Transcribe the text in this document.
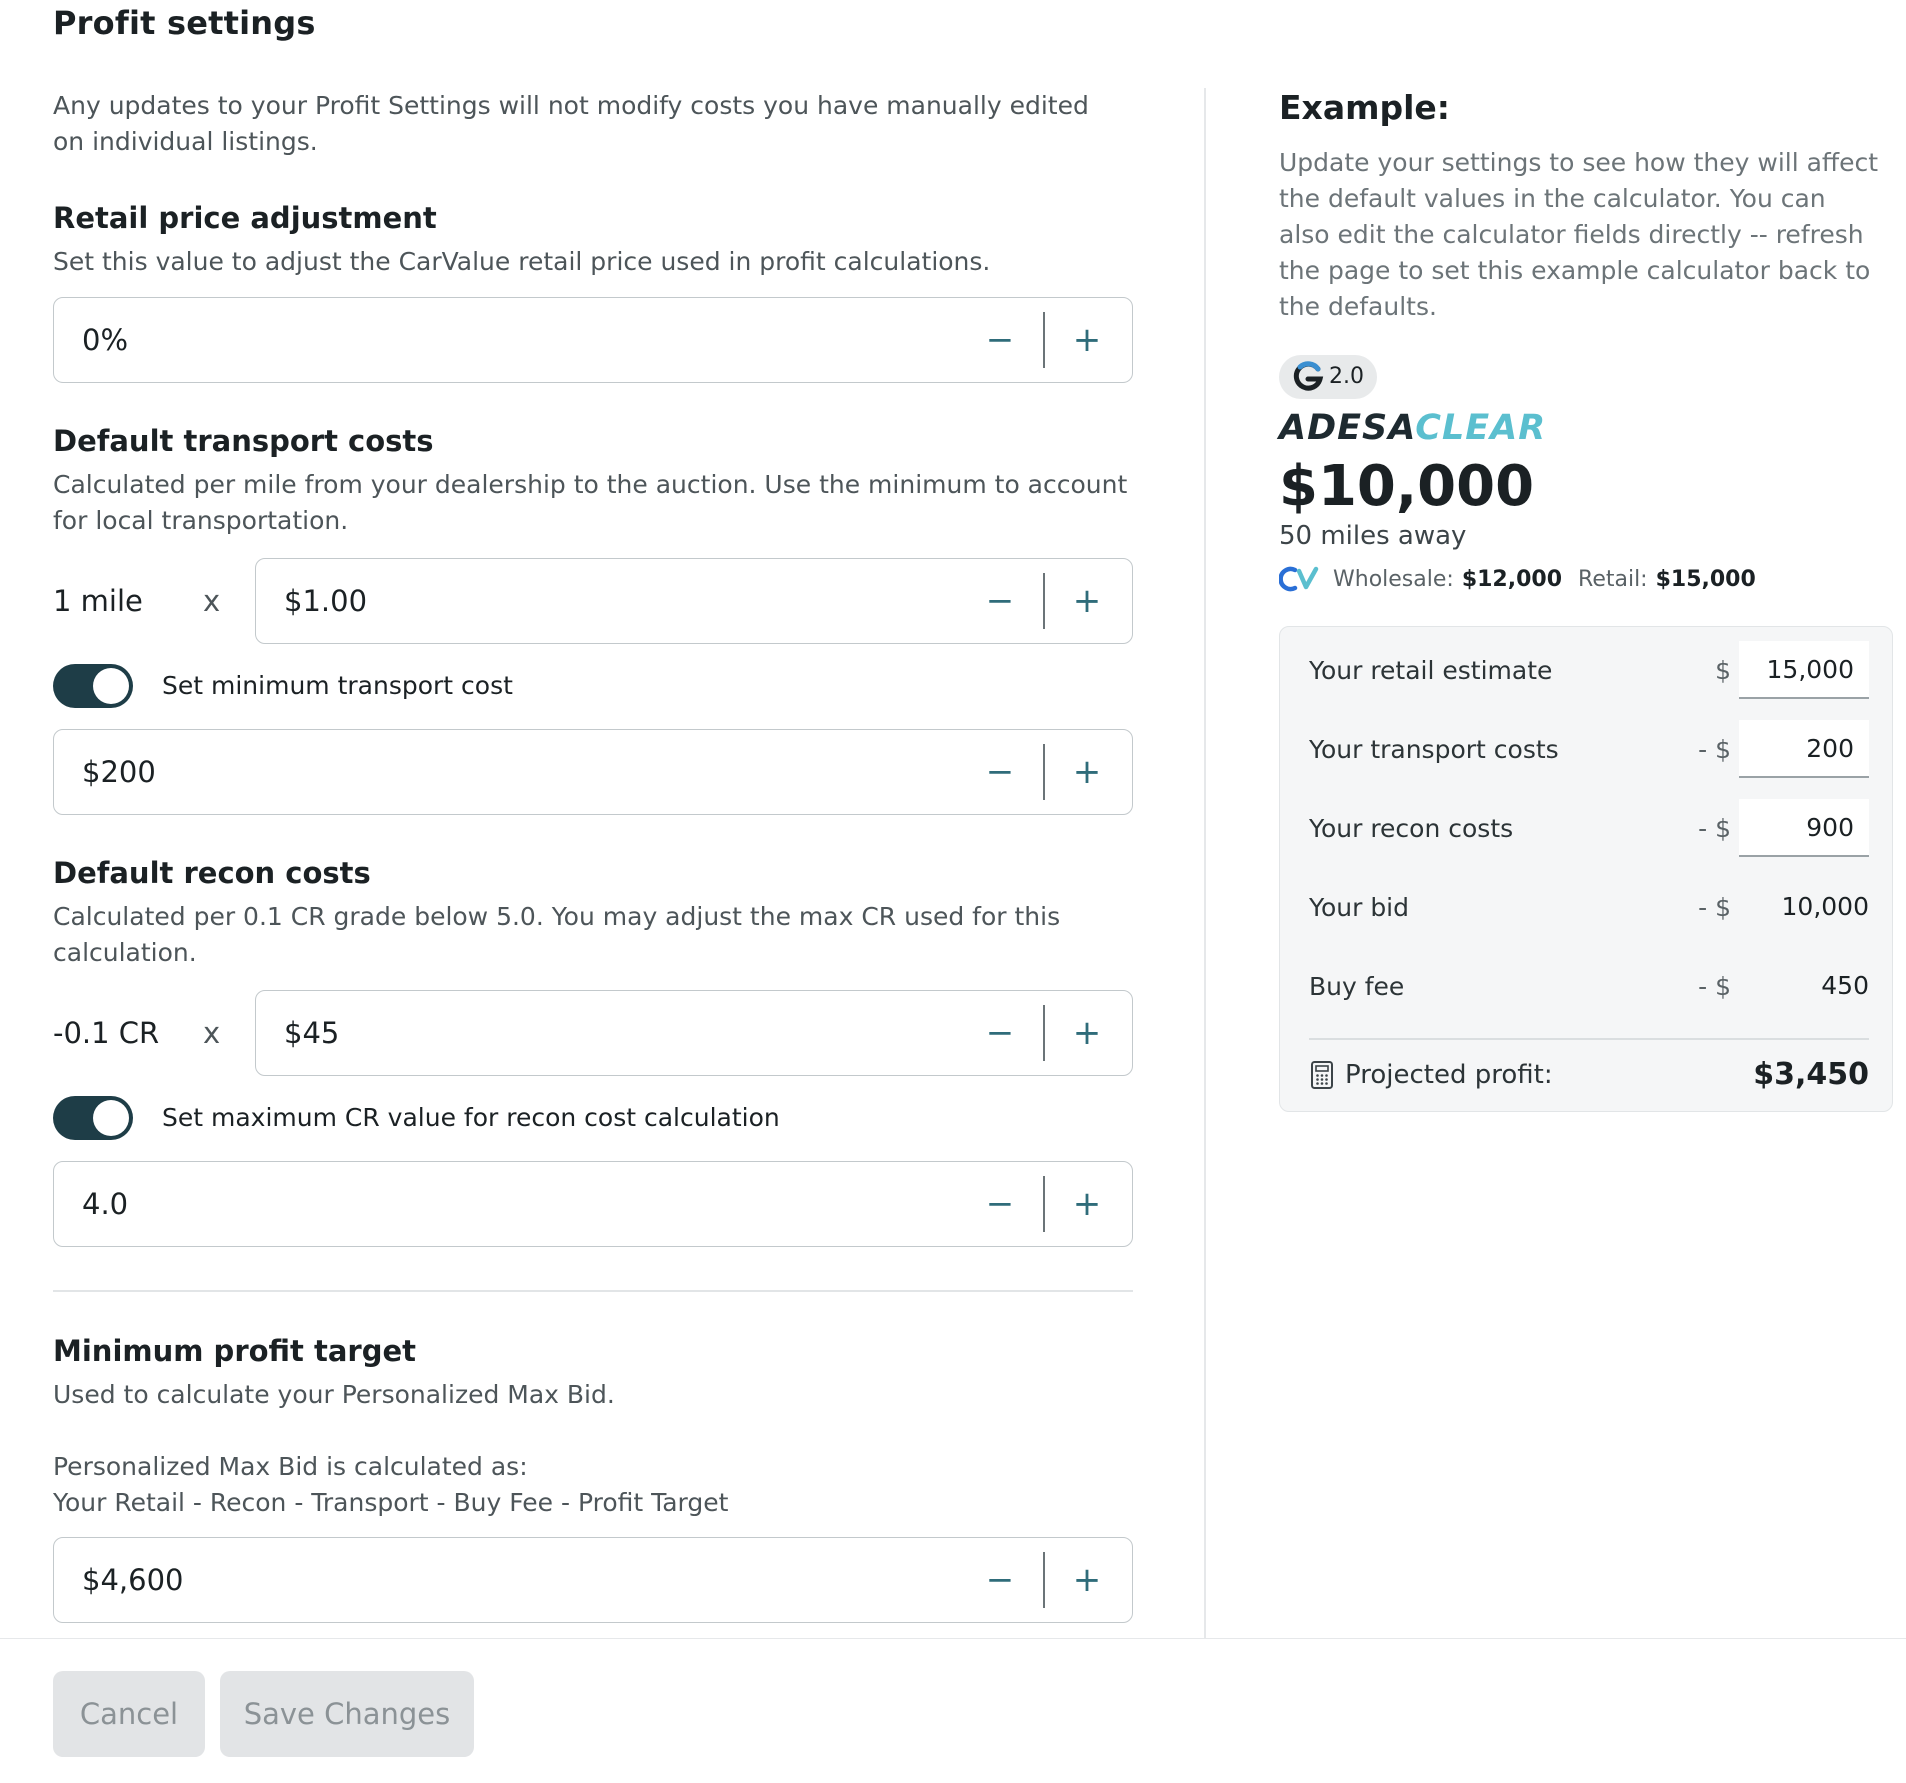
Profit settings
Any updates to your Profit Settings will not modify costs you have manually edited on individual listings.
Retail price adjustment
Set this value to adjust the CarValue retail price used in profit calculations.
0%	−	+
Default transport costs
Calculated per mile from your dealership to the auction. Use the minimum to account for local transportation.
1 mile x $1.00	−	+
Set minimum transport cost
$200	−	+
Default recon costs
Calculated per 0.1 CR grade below 5.0. You may adjust the max CR used for this calculation.
-0.1 CR x $45	−	+
Set maximum CR value for recon cost calculation
4.0	−	+
Minimum profit target
Used to calculate your Personalized Max Bid.
Personalized Max Bid is calculated as:
Your Retail - Recon - Transport - Buy Fee - Profit Target
$4,600	−	+
Example:
Update your settings to see how they will affect the default values in the calculator. You can also edit the calculator fields directly -- refresh the page to set this example calculator back to the defaults.
2.0
ADESACLEAR
$10,000
50 miles away
Wholesale: $12,000 Retail: $15,000
Your retail estimate	$	15,000
Your transport costs	- $	200
Your recon costs	- $	900
Your bid	- $	10,000
Buy fee	- $	450
Projected profit:	$3,450
Cancel	Save Changes
